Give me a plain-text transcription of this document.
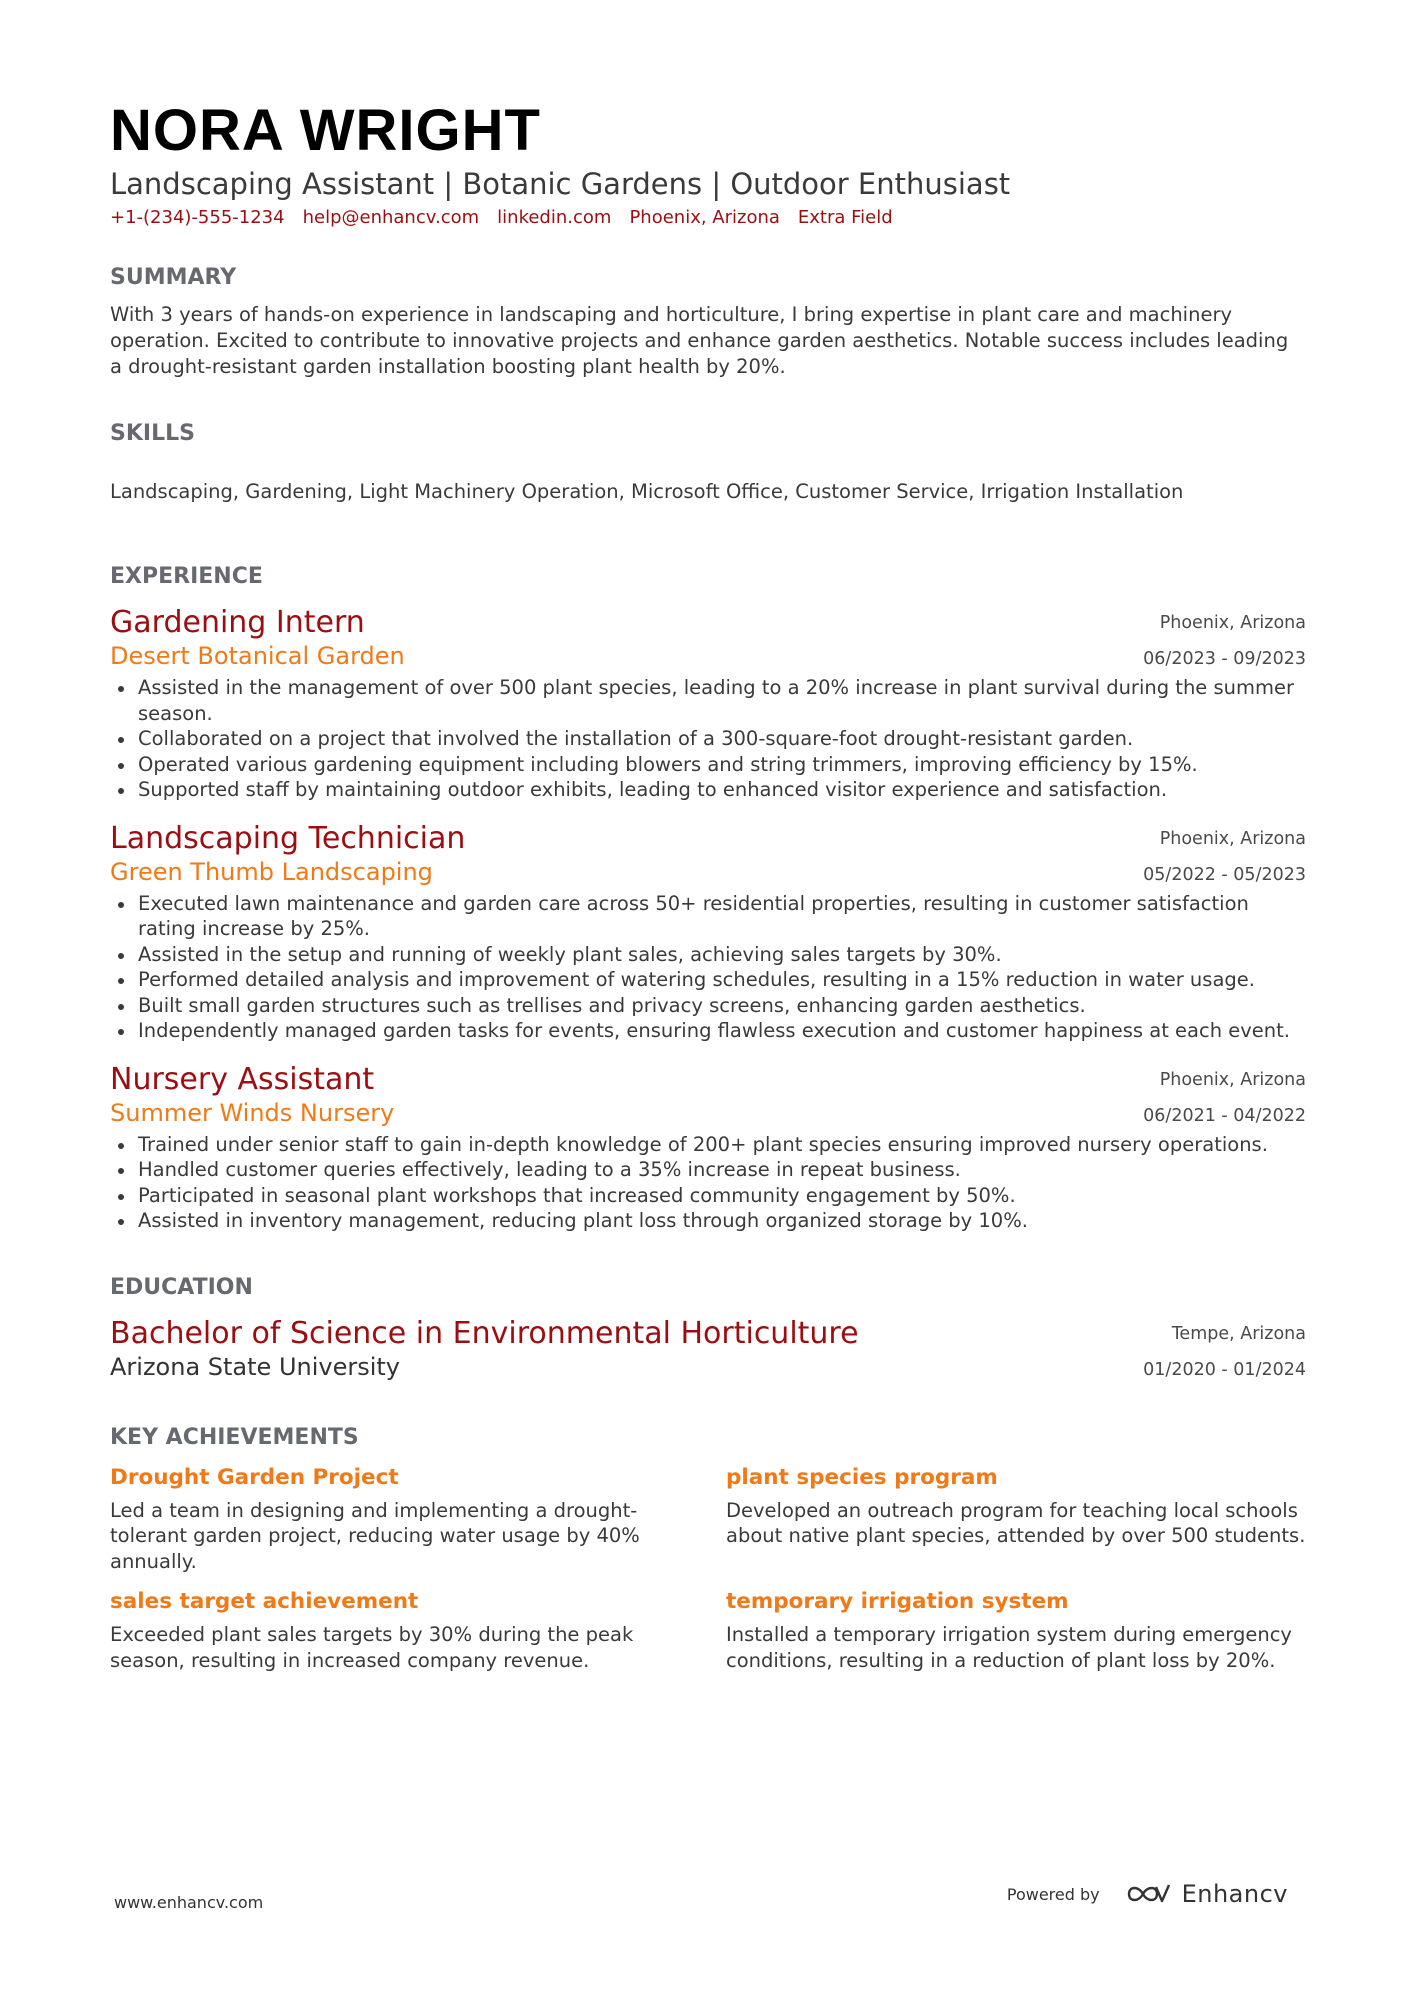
NORA WRIGHT

Landscaping Assistant | Botanic Gardens | Outdoor Enthusiast

+1-(234)-555-1234 help@enhancv.com linkedin.com Phoenix, Arizona Extra Field
SUMMARY
With 3 years of hands-on experience in landscaping and horticulture, I bring expertise in plant care and machinery operation. Excited to contribute to innovative projects and enhance garden aesthetics. Notable success includes leading a drought-resistant garden installation boosting plant health by 20%.
SKILLS
Landscaping, Gardening, Light Machinery Operation, Microsoft Office, Customer Service, Irrigation Installation
EXPERIENCE
Gardening Intern
Desert Botanical Garden
Phoenix, Arizona
06/2023 - 09/2023
Assisted in the management of over 500 plant species, leading to a 20% increase in plant survival during the summer season.
Collaborated on a project that involved the installation of a 300-square-foot drought-resistant garden.
Operated various gardening equipment including blowers and string trimmers, improving efficiency by 15%.
Supported staff by maintaining outdoor exhibits, leading to enhanced visitor experience and satisfaction.
Landscaping Technician
Green Thumb Landscaping
Phoenix, Arizona
05/2022 - 05/2023
Executed lawn maintenance and garden care across 50+ residential properties, resulting in customer satisfaction rating increase by 25%.
Assisted in the setup and running of weekly plant sales, achieving sales targets by 30%.
Performed detailed analysis and improvement of watering schedules, resulting in a 15% reduction in water usage.
Built small garden structures such as trellises and privacy screens, enhancing garden aesthetics.
Independently managed garden tasks for events, ensuring flawless execution and customer happiness at each event.
Nursery Assistant
Summer Winds Nursery
Phoenix, Arizona
06/2021 - 04/2022
Trained under senior staff to gain in-depth knowledge of 200+ plant species ensuring improved nursery operations.
Handled customer queries effectively, leading to a 35% increase in repeat business.
Participated in seasonal plant workshops that increased community engagement by 50%.
Assisted in inventory management, reducing plant loss through organized storage by 10%.
EDUCATION
Bachelor of Science in Environmental Horticulture
Arizona State University
Tempe, Arizona
01/2020 - 01/2024
KEY ACHIEVEMENTS
Drought Garden Project
Led a team in designing and implementing a drought-tolerant garden project, reducing water usage by 40% annually.
plant species program
Developed an outreach program for teaching local schools about native plant species, attended by over 500 students.
sales target achievement
Exceeded plant sales targets by 30% during the peak season, resulting in increased company revenue.
temporary irrigation system
Installed a temporary irrigation system during emergency conditions, resulting in a reduction of plant loss by 20%.
www.enhancv.com	Powered by	Enhancv
